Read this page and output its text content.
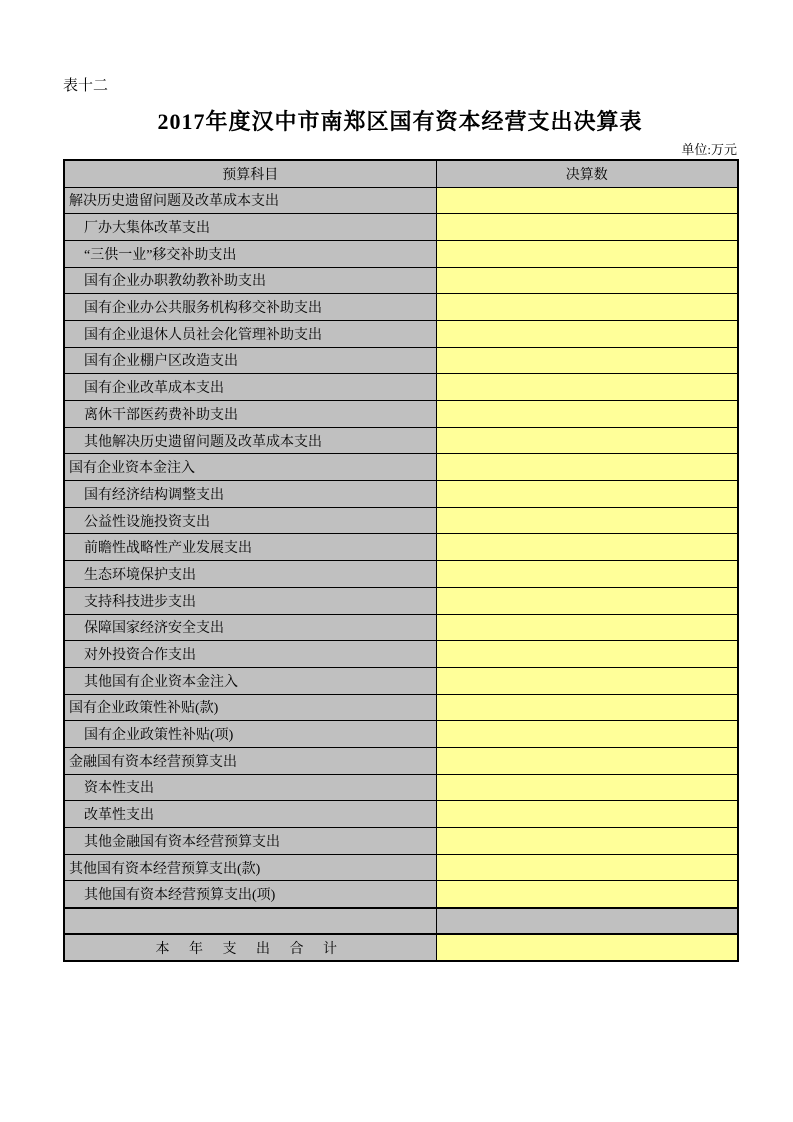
表十二
2017年度汉中市南郑区国有资本经营支出决算表
单位:万元
预算科目	决算数
解决历史遗留问题及改革成本支出	
厂办大集体改革支出	
“三供一业”移交补助支出	
国有企业办职教幼教补助支出	
国有企业办公共服务机构移交补助支出	
国有企业退休人员社会化管理补助支出	
国有企业棚户区改造支出	
国有企业改革成本支出	
离休干部医药费补助支出	
其他解决历史遗留问题及改革成本支出	
国有企业资本金注入	
国有经济结构调整支出	
公益性设施投资支出	
前瞻性战略性产业发展支出	
生态环境保护支出	
支持科技进步支出	
保障国家经济安全支出	
对外投资合作支出	
其他国有企业资本金注入	
国有企业政策性补贴(款)	
国有企业政策性补贴(项)	
金融国有资本经营预算支出	
资本性支出	
改革性支出	
其他金融国有资本经营预算支出	
其他国有资本经营预算支出(款)	
其他国有资本经营预算支出(项)	

本 年 支 出 合 计	
